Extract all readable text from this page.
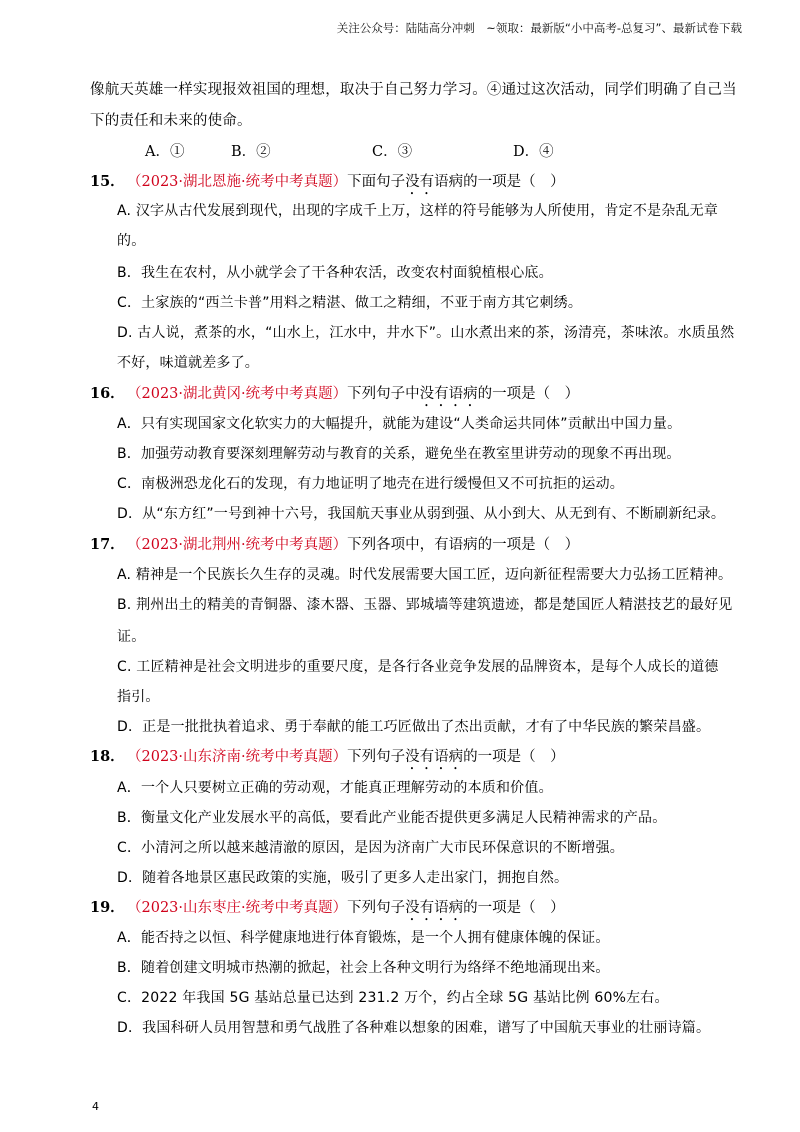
关注公众号：陆陆高分冲刺　~领取：最新版“小中高考-总复习”、最新试卷下载
像航天英雄一样实现报效祖国的理想，取决于自己努力学习。④通过这次活动，同学们明确了自己当
下的责任和未来的使命。
A．①	B．②	C．③	D．④
15． （2023·湖北恩施·统考中考真题）下面句子没有语病的一项是（　）
A. 汉字从古代发展到现代，出现的字成千上万，这样的符号能够为人所使用，肯定不是杂乱无章
的。
B．我生在农村，从小就学会了干各种农活，改变农村面貌植根心底。
C．土家族的“西兰卡普”用料之精湛、做工之精细，不亚于南方其它刺绣。
D. 古人说，煮茶的水，“山水上，江水中，井水下”。山水煮出来的茶，汤清亮，茶味浓。水质虽然
不好，味道就差多了。
16． （2023·湖北黄冈·统考中考真题）下列句子中没有语病的一项是（　）
A．只有实现国家文化软实力的大幅提升，就能为建设“人类命运共同体”贡献出中国力量。
B．加强劳动教育要深刻理解劳动与教育的关系，避免坐在教室里讲劳动的现象不再出现。
C．南极洲恐龙化石的发现，有力地证明了地壳在进行缓慢但又不可抗拒的运动。
D．从“东方红”一号到神十六号，我国航天事业从弱到强、从小到大、从无到有、不断刷新纪录。
17． （2023·湖北荆州·统考中考真题）下列各项中，有语病的一项是（　）
A. 精神是一个民族长久生存的灵魂。时代发展需要大国工匠，迈向新征程需要大力弘扬工匠精神。
B. 荆州出土的精美的青铜器、漆木器、玉器、郢城墙等建筑遗迹，都是楚国匠人精湛技艺的最好见
证。
C. 工匠精神是社会文明进步的重要尺度，是各行各业竞争发展的品牌资本，是每个人成长的道德
指引。
D．正是一批批执着追求、勇于奉献的能工巧匠做出了杰出贡献，才有了中华民族的繁荣昌盛。
18． （2023·山东济南·统考中考真题）下列句子没有语病的一项是（　）
A．一个人只要树立正确的劳动观，才能真正理解劳动的本质和价值。
B．衡量文化产业发展水平的高低，要看此产业能否提供更多满足人民精神需求的产品。
C．小清河之所以越来越清澈的原因，是因为济南广大市民环保意识的不断增强。
D．随着各地景区惠民政策的实施，吸引了更多人走出家门，拥抱自然。
19． （2023·山东枣庄·统考中考真题）下列句子没有语病的一项是（　）
A．能否持之以恒、科学健康地进行体育锻炼，是一个人拥有健康体魄的保证。
B．随着创建文明城市热潮的掀起，社会上各种文明行为络绎不绝地涌现出来。
C．2022 年我国 5G 基站总量已达到 231.2 万个，约占全球 5G 基站比例 60%左右。
D．我国科研人员用智慧和勇气战胜了各种难以想象的困难，谱写了中国航天事业的壮丽诗篇。
4
